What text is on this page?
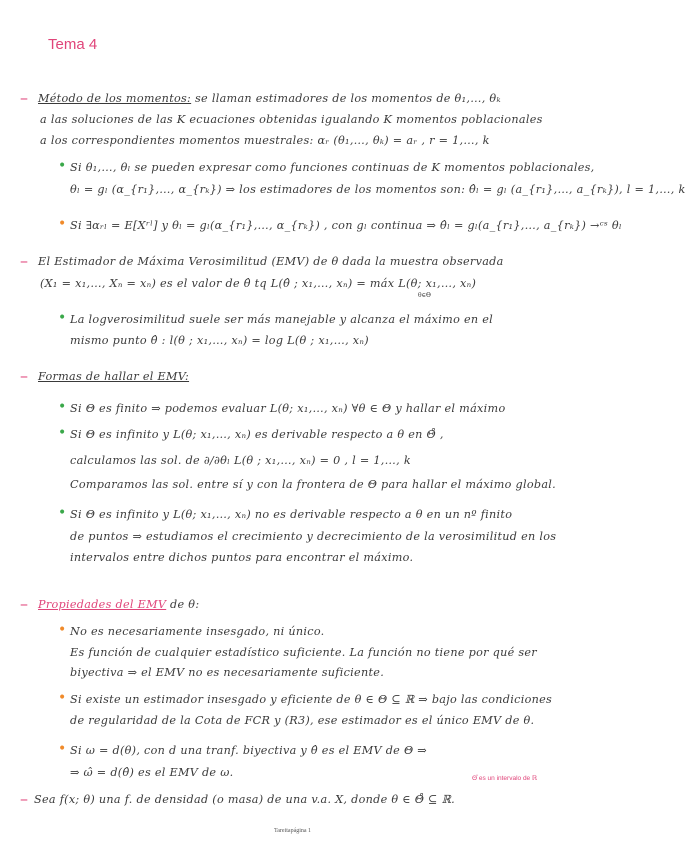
Tema 4
– Método de los momentos: se llaman estimadores de los momentos de θ₁,…, θₖ
a las soluciones de las K ecuaciones obtenidas igualando K momentos poblacionales
a los correspondientes momentos muestrales: αᵣ (θ₁,…, θₖ) = aᵣ , r = 1,…, k
• Si θ₁,…, θₗ se pueden expresar como funciones continuas de K momentos poblacionales,
θₗ = gₗ (α_{r₁},…, α_{rₖ}) ⇒ los estimadores de los momentos son: θ̂ₗ = gₗ (a_{r₁},…, a_{rₖ}), l = 1,…, k
• Si ∃αᵣₗ = E[Xʳˡ] y θₗ = gₗ(α_{r₁},…, α_{rₖ}) , con gₗ continua ⇒ θ̂ₗ = gₗ(a_{r₁},…, a_{rₖ}) →ᶜˢ θₗ
– El Estimador de Máxima Verosimilitud (EMV) de θ dada la muestra observada
(X₁ = x₁,…, Xₙ = xₙ) es el valor de θ̂ tq L(θ̂ ; x₁,…, xₙ) = máx L(θ; x₁,…, xₙ)
θ∈Θ
• La logverosimilitud suele ser más manejable y alcanza el máximo en el
mismo punto θ̂ : l(θ ; x₁,…, xₙ) = log L(θ ; x₁,…, xₙ)
– Formas de hallar el EMV:
• Si Θ es finito ⇒ podemos evaluar L(θ; x₁,…, xₙ) ∀θ ∈ Θ y hallar el máximo
• Si Θ es infinito y L(θ; x₁,…, xₙ) es derivable respecto a θ en Θ̊ ,
calculamos las sol. de ∂/∂θₗ L(θ ; x₁,…, xₙ) = 0 , l = 1,…, k
Comparamos las sol. entre sí y con la frontera de Θ para hallar el máximo global.
• Si Θ es infinito y L(θ; x₁,…, xₙ) no es derivable respecto a θ en un nº finito
de puntos ⇒ estudiamos el crecimiento y decrecimiento de la verosimilitud en los
intervalos entre dichos puntos para encontrar el máximo.
– Propiedades del EMV de θ:
• No es necesariamente insesgado, ni único.
Es función de cualquier estadístico suficiente. La función no tiene por qué ser
biyectiva ⇒ el EMV no es necesariamente suficiente.
• Si existe un estimador insesgado y eficiente de θ ∈ Θ ⊆ ℝ ⇒ bajo las condiciones
de regularidad de la Cota de FCR y (R3), ese estimador es el único EMV de θ.
• Si ω = d(θ), con d una tranf. biyectiva y θ̂ es el EMV de Θ ⇒
⇒ ω̂ = d(θ̂) es el EMV de ω.	Θ̊ es un intervalo de ℝ
– Sea f(x; θ) una f. de densidad (o masa) de una v.a. X, donde θ ∈ Θ̊ ⊆ ℝ.
Tareitapágina 1
